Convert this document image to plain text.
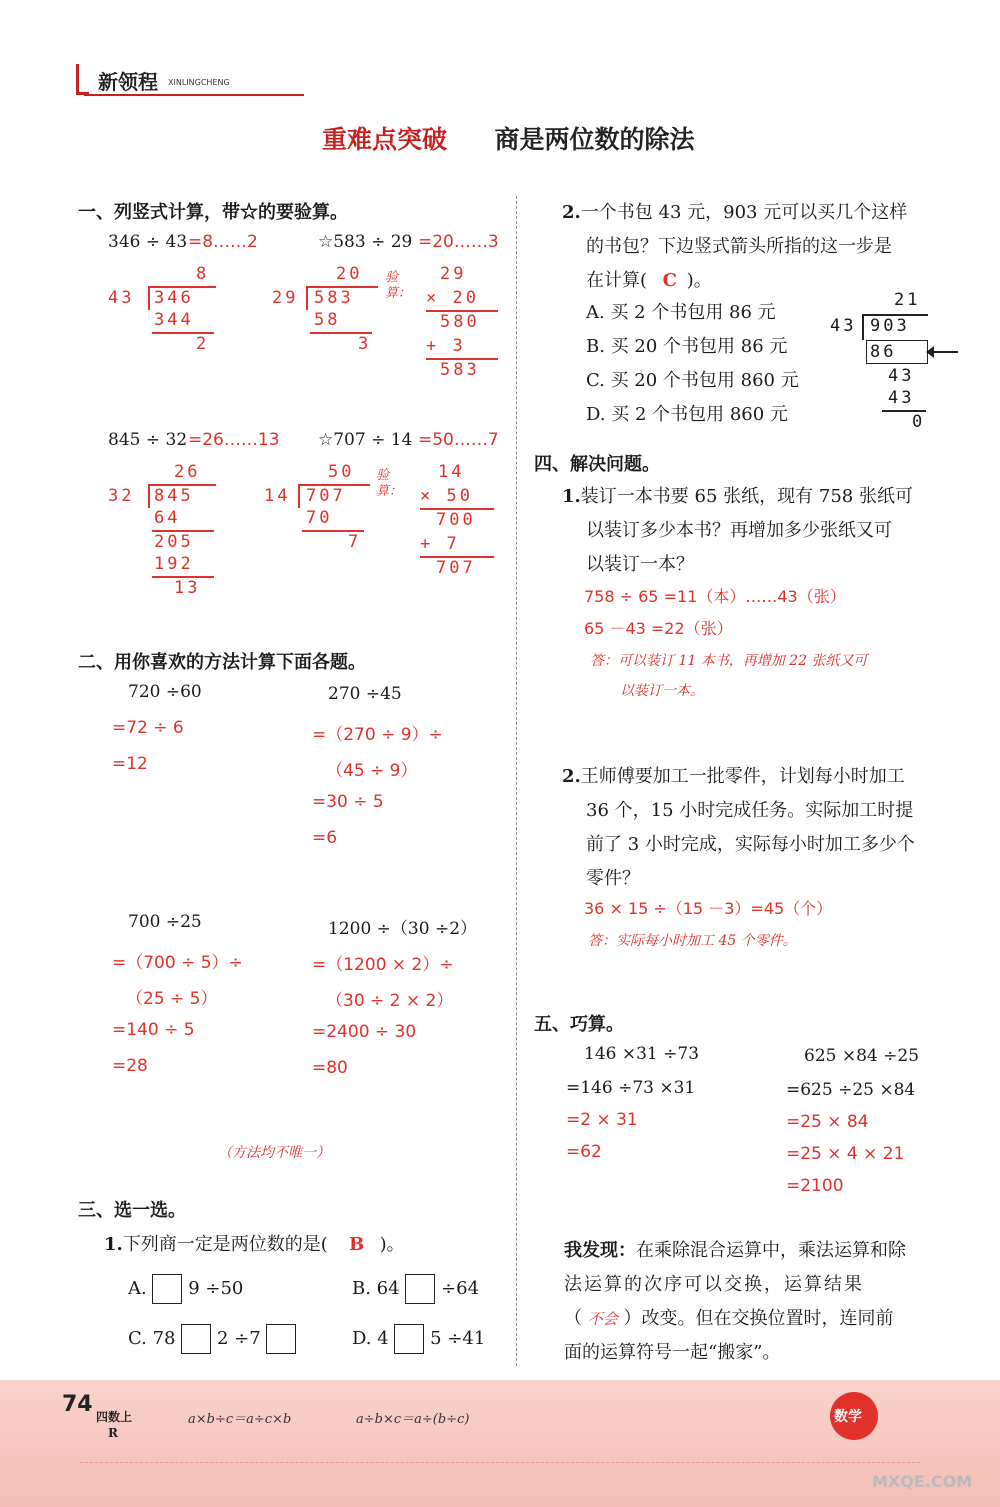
新领程 XINLINGCHENG
重难点突破 商是两位数的除法
一、列竖式计算，带☆的要验算。
346 ÷ 43 =8……2
8
43 346
344
2
☆583 ÷ 29 =20……3
20
29 583
58
3
验算：
29
× 20
580
+ 3
583
845 ÷ 32 =26……13
26
32 845
64
205
192
13
☆707 ÷ 14 =50……7
50
14 707
70
7
验算：
14
× 50
700
+ 7
707
二、用你喜欢的方法计算下面各题。
720 ÷60
=72 ÷ 6
=12
270 ÷45
=（270 ÷ 9）÷
（45 ÷ 9）
=30 ÷ 5
=6
700 ÷25
=（700 ÷ 5）÷
（25 ÷ 5）
=140 ÷ 5
=28
1200 ÷（30 ÷2）
=（1200 × 2）÷
（30 ÷ 2 × 2）
=2400 ÷ 30
=80
（方法均不唯一）
三、选一选。
1.下列商一定是两位数的是( B )。
A. 9 ÷50	B. 64 ÷64
C. 78 2 ÷7	D. 4 5 ÷41
2.一个书包 43 元，903 元可以买几个这样
的书包？下边竖式箭头所指的这一步是
在计算( C )。
A. 买 2 个书包用 86 元
B. 买 20 个书包用 86 元
C. 买 20 个书包用 860 元
D. 买 2 个书包用 860 元
21
43 903
86
43
43
0
四、解决问题。
1.装订一本书要 65 张纸，现有 758 张纸可
以装订多少本书？再增加多少张纸又可
以装订一本？
758 ÷ 65 =11（本）……43（张）
65 －43 =22（张）
答：可以装订 11 本书，再增加 22 张纸又可
以装订一本。
2.王师傅要加工一批零件，计划每小时加工
36 个，15 小时完成任务。实际加工时提
前了 3 小时完成，实际每小时加工多少个
零件？
36 × 15 ÷（15 －3）=45（个）
答：实际每小时加工 45 个零件。
五、巧算。
146 ×31 ÷73
=146 ÷73 ×31
=2 × 31
=62
625 ×84 ÷25
=625 ÷25 ×84
=25 × 84
=25 × 4 × 21
=2100
我发现：在乘除混合运算中，乘法运算和除
法运算的次序可以交换，运算结果
（ 不会 ）改变。但在交换位置时，连同前
面的运算符号一起“搬家”。
74 四数上
R
a×b÷c＝a÷c×b	a÷b×c＝a÷(b÷c)	数学
MXQE.COM
